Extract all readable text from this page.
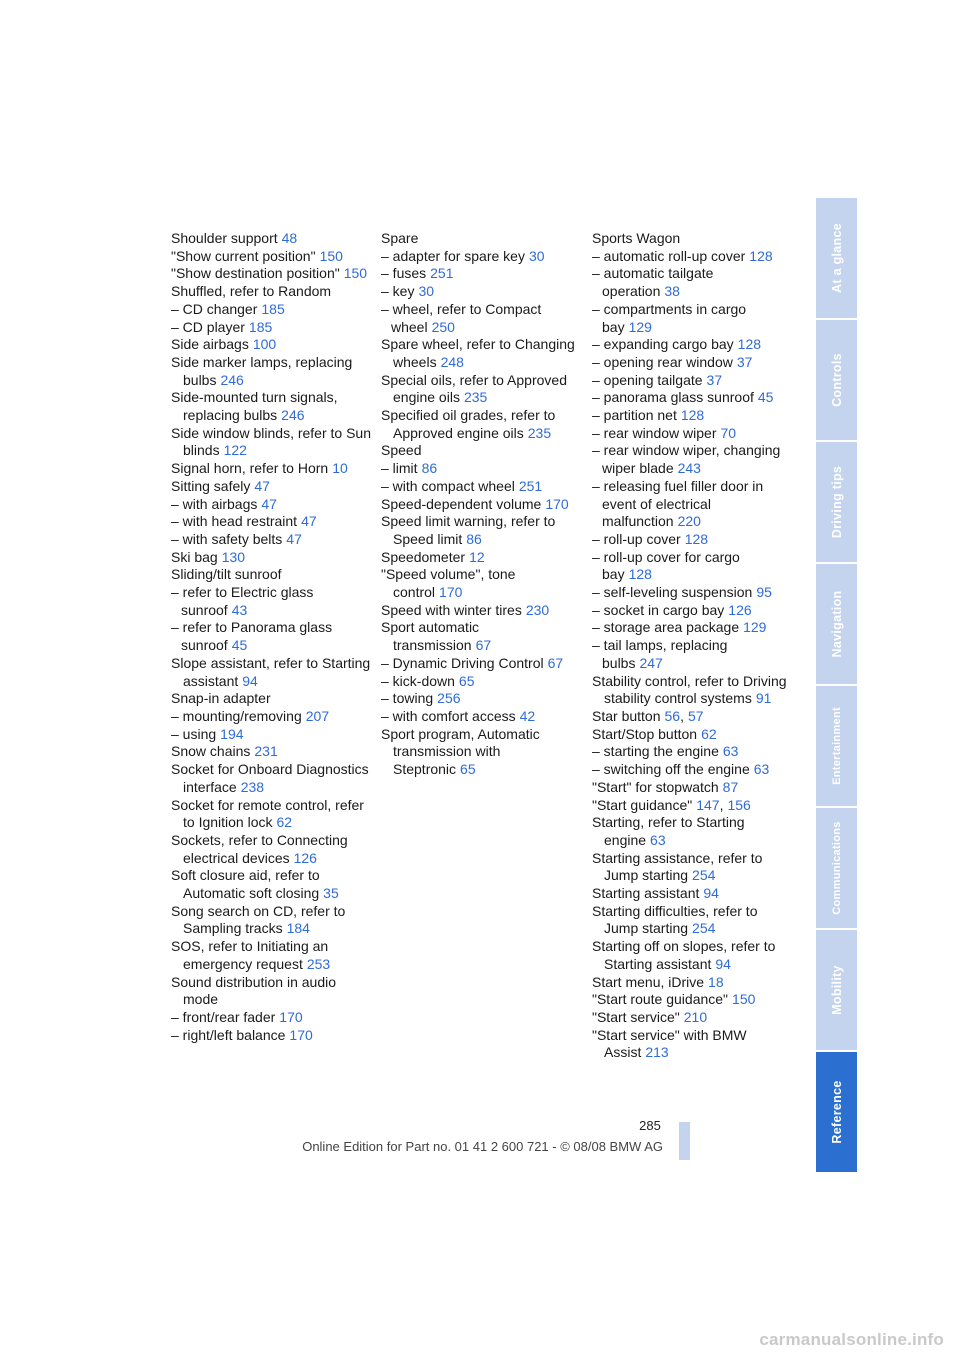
Shoulder support 48
"Show current position" 150
"Show destination position" 150
Shuffled, refer to Random
– CD changer 185
– CD player 185
Side airbags 100
Side marker lamps, replacing bulbs 246
Side-mounted turn signals, replacing bulbs 246
Side window blinds, refer to Sun blinds 122
Signal horn, refer to Horn 10
Sitting safely 47
– with airbags 47
– with head restraint 47
– with safety belts 47
Ski bag 130
Sliding/tilt sunroof
– refer to Electric glass sunroof 43
– refer to Panorama glass sunroof 45
Slope assistant, refer to Starting assistant 94
Snap-in adapter
– mounting/removing 207
– using 194
Snow chains 231
Socket for Onboard Diagnostics interface 238
Socket for remote control, refer to Ignition lock 62
Sockets, refer to Connecting electrical devices 126
Soft closure aid, refer to Automatic soft closing 35
Song search on CD, refer to Sampling tracks 184
SOS, refer to Initiating an emergency request 253
Sound distribution in audio mode
– front/rear fader 170
– right/left balance 170
Spare
– adapter for spare key 30
– fuses 251
– key 30
– wheel, refer to Compact wheel 250
Spare wheel, refer to Changing wheels 248
Special oils, refer to Approved engine oils 235
Specified oil grades, refer to Approved engine oils 235
Speed
– limit 86
– with compact wheel 251
Speed-dependent volume 170
Speed limit warning, refer to Speed limit 86
Speedometer 12
"Speed volume", tone control 170
Speed with winter tires 230
Sport automatic transmission 67
– Dynamic Driving Control 67
– kick-down 65
– towing 256
– with comfort access 42
Sport program, Automatic transmission with Steptronic 65
Sports Wagon
– automatic roll-up cover 128
– automatic tailgate operation 38
– compartments in cargo bay 129
– expanding cargo bay 128
– opening rear window 37
– opening tailgate 37
– panorama glass sunroof 45
– partition net 128
– rear window wiper 70
– rear window wiper, changing wiper blade 243
– releasing fuel filler door in event of electrical malfunction 220
– roll-up cover 128
– roll-up cover for cargo bay 128
– self-leveling suspension 95
– socket in cargo bay 126
– storage area package 129
– tail lamps, replacing bulbs 247
Stability control, refer to Driving stability control systems 91
Star button 56, 57
Start/Stop button 62
– starting the engine 63
– switching off the engine 63
"Start" for stopwatch 87
"Start guidance" 147, 156
Starting, refer to Starting engine 63
Starting assistance, refer to Jump starting 254
Starting assistant 94
Starting difficulties, refer to Jump starting 254
Starting off on slopes, refer to Starting assistant 94
Start menu, iDrive 18
"Start route guidance" 150
"Start service" 210
"Start service" with BMW Assist 213
At a glance
Controls
Driving tips
Navigation
Entertainment
Communications
Mobility
Reference
285
Online Edition for Part no. 01 41 2 600 721 - © 08/08 BMW AG
carmanualsonline.info
